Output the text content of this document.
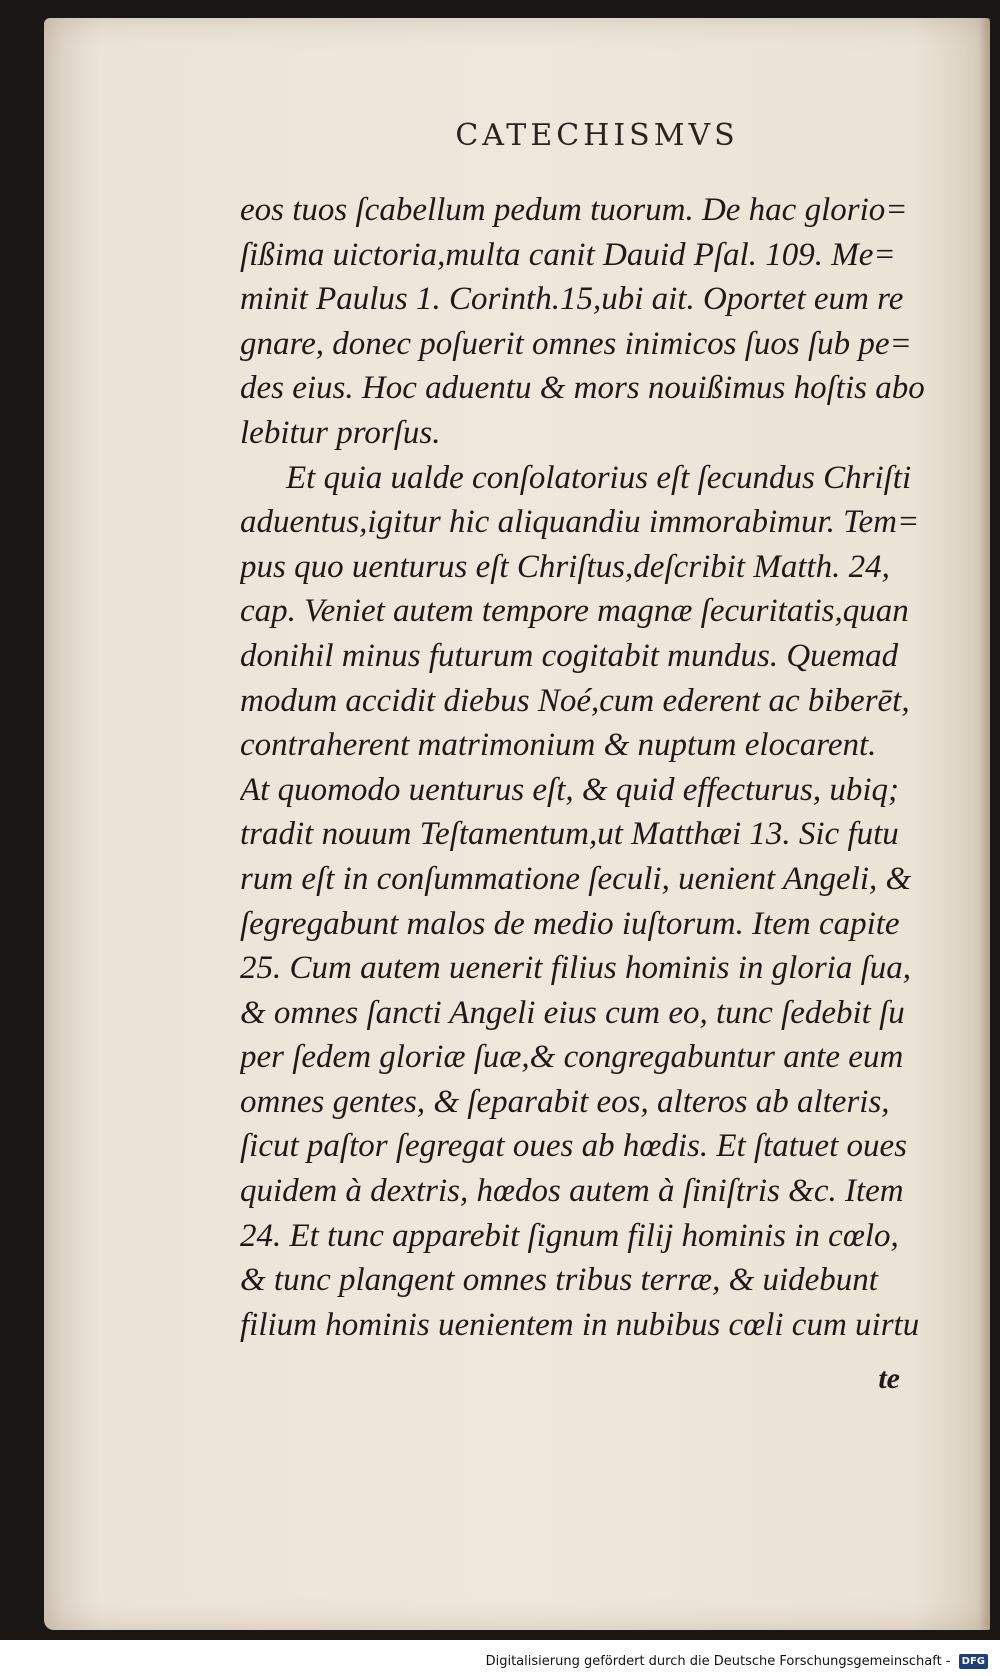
CATECHISMVS
eos tuos ſcabellum pedum tuorum. De hac glorio=
ſißima uictoria,multa canit Dauid Pſal. 109. Me=
minit Paulus 1. Corinth.15,ubi ait. Oportet eum re
gnare, donec poſuerit omnes inimicos ſuos ſub pe=
des eius. Hoc aduentu & mors nouißimus hoſtis abo
lebitur prorſus.
Et quia ualde conſolatorius eſt ſecundus Chriſti
aduentus,igitur hic aliquandiu immorabimur. Tem=
pus quo uenturus eſt Chriſtus,deſcribit Matth. 24,
cap. Veniet autem tempore magnæ ſecuritatis,quan
donihil minus futurum cogitabit mundus. Quemad
modum accidit diebus Noé,cum ederent ac biberēt,
contraherent matrimonium & nuptum elocarent.
At quomodo uenturus eſt, & quid effecturus, ubiq;
tradit nouum Teſtamentum,ut Matthæi 13. Sic futu
rum eſt in conſummatione ſeculi, uenient Angeli, &
ſegregabunt malos de medio iuſtorum. Item capite
25. Cum autem uenerit filius hominis in gloria ſua,
& omnes ſancti Angeli eius cum eo, tunc ſedebit ſu
per ſedem gloriæ ſuæ,& congregabuntur ante eum
omnes gentes, & ſeparabit eos, alteros ab alteris,
ſicut paſtor ſegregat oues ab hœdis. Et ſtatuet oues
quidem à dextris, hœdos autem à ſiniſtris &c. Item
24. Et tunc apparebit ſignum filij hominis in cœlo,
& tunc plangent omnes tribus terræ, & uidebunt
filium hominis uenientem in nubibus cœli cum uirtu
te
Digitalisierung gefördert durch die Deutsche Forschungsgemeinschaft - DFG
